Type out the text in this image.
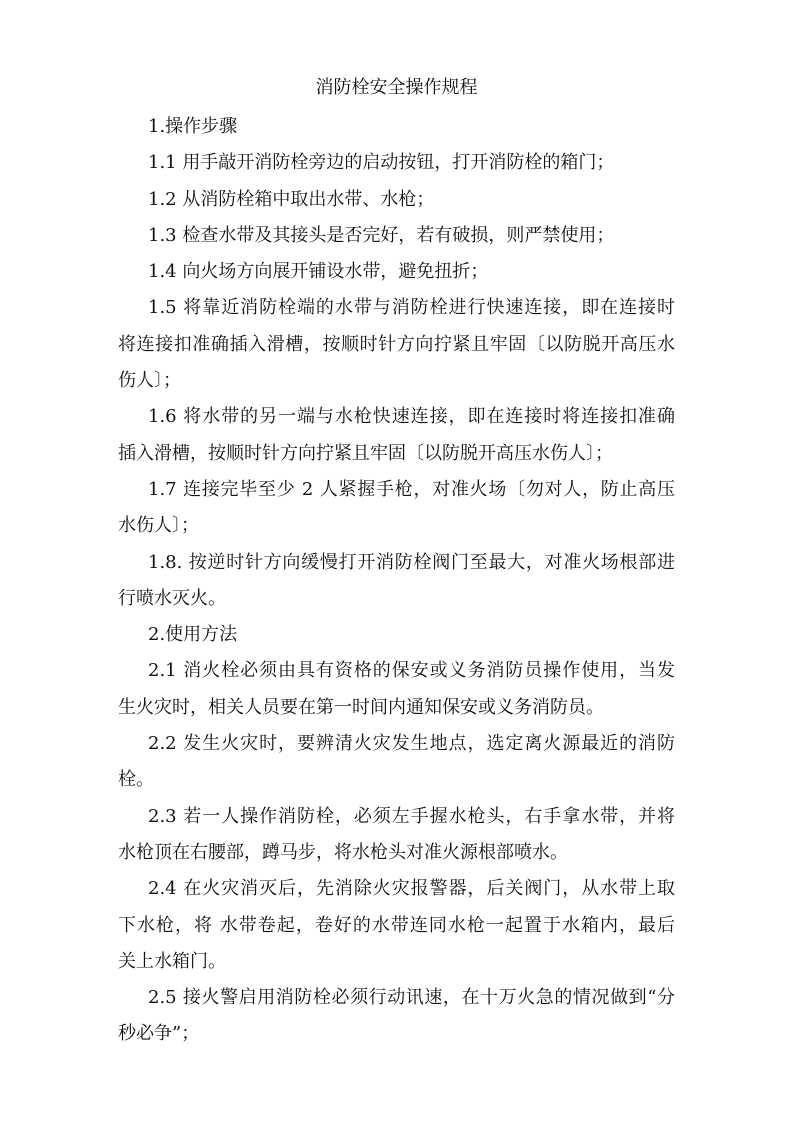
消防栓安全操作规程
1.操作步骤
1.1 用手敲开消防栓旁边的启动按钮，打开消防栓的箱门；
1.2 从消防栓箱中取出水带、水枪；
1.3 检查水带及其接头是否完好，若有破损，则严禁使用；
1.4 向火场方向展开铺设水带，避免扭折；
1.5 将靠近消防栓端的水带与消防栓进行快速连接，即在连接时
将连接扣准确插入滑槽，按顺时针方向拧紧且牢固〔以防脱开高压水
伤人〕；
1.6 将水带的另一端与水枪快速连接，即在连接时将连接扣准确
插入滑槽，按顺时针方向拧紧且牢固〔以防脱开高压水伤人〕；
1.7 连接完毕至少 2 人紧握手枪，对准火场〔勿对人，防止高压
水伤人〕；
1.8. 按逆时针方向缓慢打开消防栓阀门至最大，对准火场根部进
行喷水灭火。
2.使用方法
2.1 消火栓必须由具有资格的保安或义务消防员操作使用，当发
生火灾时，相关人员要在第一时间内通知保安或义务消防员。
2.2 发生火灾时，要辨清火灾发生地点，选定离火源最近的消防
栓。
2.3 若一人操作消防栓，必须左手握水枪头，右手拿水带，并将
水枪顶在右腰部，蹲马步，将水枪头对准火源根部喷水。
2.4 在火灾消灭后，先消除火灾报警器，后关阀门，从水带上取
下水枪，将 水带卷起，卷好的水带连同水枪一起置于水箱内，最后
关上水箱门。
2.5 接火警启用消防栓必须行动讯速，在十万火急的情况做到“分
秒必争”；
